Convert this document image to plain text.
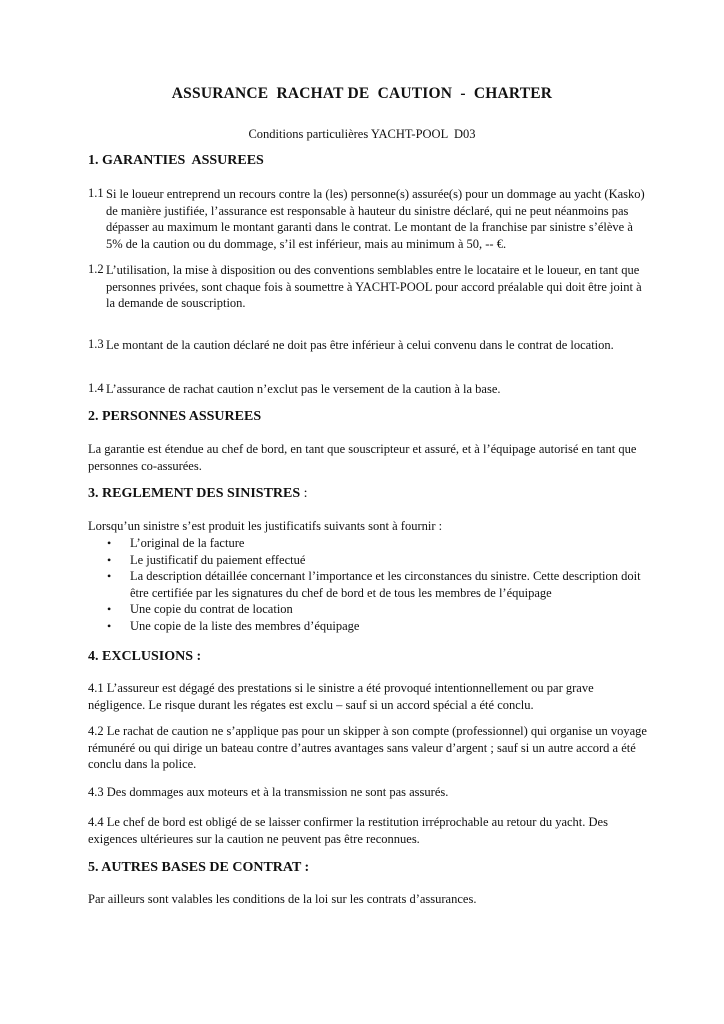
ASSURANCE  RACHAT DE  CAUTION  -  CHARTER
Conditions particulières YACHT-POOL  D03
1. GARANTIES  ASSUREES
1.1 Si le loueur entreprend un recours contre la (les) personne(s) assurée(s) pour un dommage au yacht (Kasko) de manière justifiée, l’assurance est responsable à hauteur du sinistre déclaré, qui ne peut néanmoins pas dépasser au maximum le montant garanti dans le contrat. Le montant de la franchise par sinistre s’élève à 5% de la caution ou du dommage, s’il est inférieur, mais au minimum à 50, -- €.
1.2 L’utilisation, la mise à disposition ou des conventions semblables entre le locataire et le loueur, en tant que personnes privées, sont chaque fois à soumettre à YACHT-POOL pour accord préalable qui doit être joint à la demande de souscription.
1.3 Le montant de la caution déclaré ne doit pas être inférieur à celui convenu dans le contrat de location.
1.4 L’assurance de rachat caution n’exclut pas le versement de la caution à la base.
2. PERSONNES ASSUREES
La garantie est étendue au chef de bord, en tant que souscripteur et assuré, et à l’équipage autorisé en tant que personnes co-assurées.
3. REGLEMENT DES SINISTRES :
Lorsqu’un sinistre s’est produit les justificatifs suivants sont à fournir :
• L’original de la facture
• Le justificatif du paiement effectué
• La description détaillée concernant l’importance et les circonstances du sinistre. Cette description doit être certifiée par les signatures du chef de bord et de tous les membres de l’équipage
• Une copie du contrat de location
• Une copie de la liste des membres d’équipage
4. EXCLUSIONS :
4.1 L’assureur est dégagé des prestations si le sinistre a été provoqué intentionnellement ou par grave négligence. Le risque durant les régates est exclu – sauf si un accord spécial a été conclu.
4.2 Le rachat de caution ne s’applique pas pour un skipper à son compte (professionnel) qui organise un voyage rémunéré ou qui dirige un bateau contre d’autres avantages sans valeur d’argent ; sauf si un autre accord a été conclu dans la police.
4.3 Des dommages aux moteurs et à la transmission ne sont pas assurés.
4.4 Le chef de bord est obligé de se laisser confirmer la restitution irréprochable au retour du yacht. Des exigences ultérieures sur la caution ne peuvent pas être reconnues.
5. AUTRES BASES DE CONTRAT :
Par ailleurs sont valables les conditions de la loi sur les contrats d’assurances.
